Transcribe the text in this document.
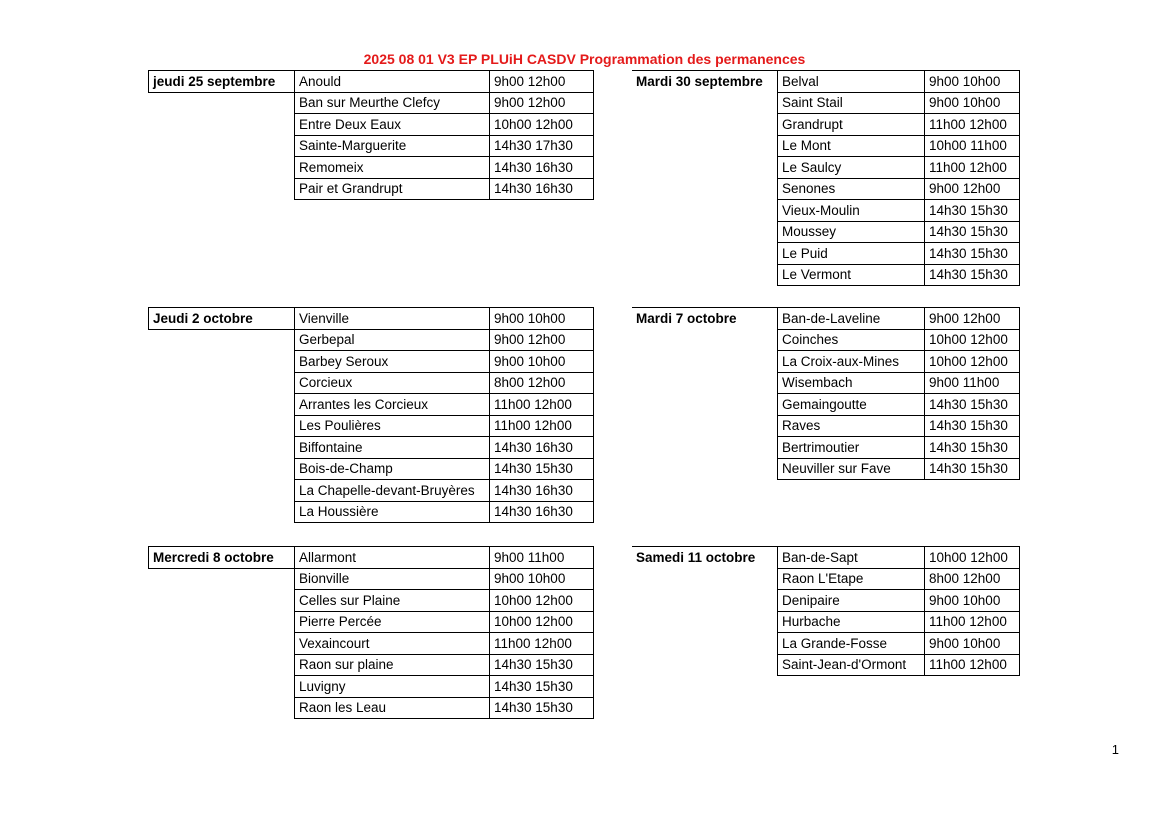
2025 08 01 V3 EP PLUiH CASDV Programmation des permanences
jeudi 25 septembre	Anould	9h00 12h00
	Ban sur Meurthe Clefcy	9h00 12h00
	Entre Deux Eaux	10h00 12h00
	Sainte-Marguerite	14h30 17h30
	Remomeix	14h30 16h30
	Pair et Grandrupt	14h30 16h30
Mardi 30 septembre	Belval	9h00 10h00
	Saint Stail	9h00 10h00
	Grandrupt	11h00 12h00
	Le Mont	10h00 11h00
	Le Saulcy	11h00 12h00
	Senones	9h00 12h00
	Vieux-Moulin	14h30 15h30
	Moussey	14h30 15h30
	Le Puid	14h30 15h30
	Le Vermont	14h30 15h30
Jeudi 2 octobre	Vienville	9h00 10h00
	Gerbepal	9h00 12h00
	Barbey Seroux	9h00 10h00
	Corcieux	8h00 12h00
	Arrantes les Corcieux	11h00 12h00
	Les Poulières	11h00 12h00
	Biffontaine	14h30 16h30
	Bois-de-Champ	14h30 15h30
	La Chapelle-devant-Bruyères	14h30 16h30
	La Houssière	14h30 16h30
Mardi 7 octobre	Ban-de-Laveline	9h00 12h00
	Coinches	10h00 12h00
	La Croix-aux-Mines	10h00 12h00
	Wisembach	9h00 11h00
	Gemaingoutte	14h30 15h30
	Raves	14h30 15h30
	Bertrimoutier	14h30 15h30
	Neuviller sur Fave	14h30 15h30
Mercredi 8 octobre	Allarmont	9h00 11h00
	Bionville	9h00 10h00
	Celles sur Plaine	10h00 12h00
	Pierre Percée	10h00 12h00
	Vexaincourt	11h00 12h00
	Raon sur plaine	14h30 15h30
	Luvigny	14h30 15h30
	Raon les Leau	14h30 15h30
Samedi 11 octobre	Ban-de-Sapt	10h00 12h00
	Raon L'Etape	8h00 12h00
	Denipaire	9h00 10h00
	Hurbache	11h00 12h00
	La Grande-Fosse	9h00 10h00
	Saint-Jean-d'Ormont	11h00 12h00
1
